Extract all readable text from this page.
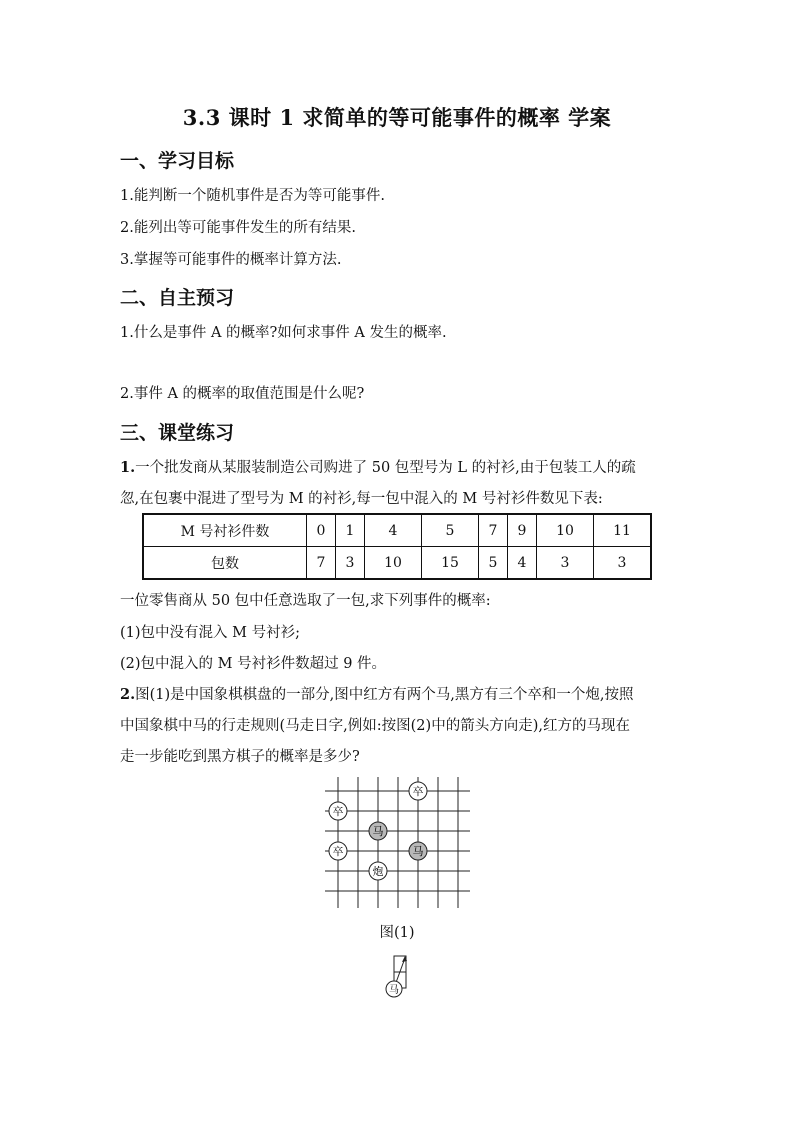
3.3 课时 1 求简单的等可能事件的概率 学案
一、学习目标
1.能判断一个随机事件是否为等可能事件.
2.能列出等可能事件发生的所有结果.
3.掌握等可能事件的概率计算方法.
二、自主预习
1.什么是事件 A 的概率?如何求事件 A 发生的概率.
2.事件 A 的概率的取值范围是什么呢?
三、课堂练习
1.一个批发商从某服装制造公司购进了 50 包型号为 L 的衬衫,由于包装工人的疏
忽,在包裹中混进了型号为 M 的衬衫,每一包中混入的 M 号衬衫件数见下表:
M 号衬衫件数	0	1	4	5	7	9	10	11
包数	7	3	10	15	5	4	3	3
一位零售商从 50 包中任意选取了一包,求下列事件的概率:
(1)包中没有混入 M 号衬衫;
(2)包中混入的 M 号衬衫件数超过 9 件。
2.图(1)是中国象棋棋盘的一部分,图中红方有两个马,黑方有三个卒和一个炮,按照
中国象棋中马的行走规则(马走日字,例如:按图(2)中的箭头方向走),红方的马现在
走一步能吃到黑方棋子的概率是多少?
卒
卒
马
马
卒
炮
图(1)
马
